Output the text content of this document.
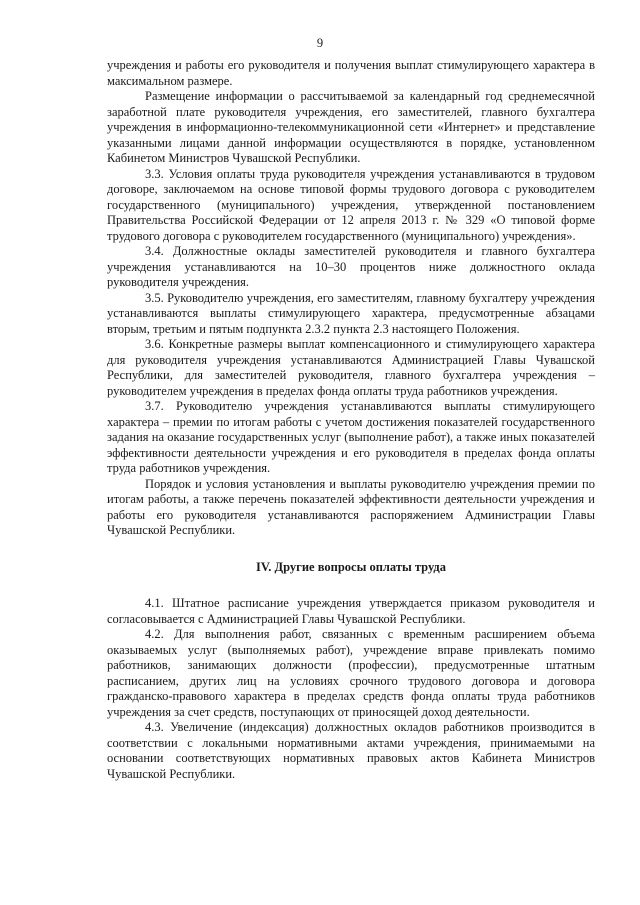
9

учреждения и работы его руководителя и получения выплат стимулирующего характера в максимальном размере.

Размещение информации о рассчитываемой за календарный год среднемесячной заработной плате руководителя учреждения, его заместителей, главного бухгалтера учреждения в информационно-телекоммуникационной сети «Интернет» и представление указанными лицами данной информации осуществляются в порядке, установленном Кабинетом Министров Чувашской Республики.

3.3. Условия оплаты труда руководителя учреждения устанавливаются в трудовом договоре, заключаемом на основе типовой формы трудового договора с руководителем государственного (муниципального) учреждения, утвержденной постановлением Правительства Российской Федерации от 12 апреля 2013 г. № 329 «О типовой форме трудового договора с руководителем государственного (муниципального) учреждения».

3.4. Должностные оклады заместителей руководителя и главного бухгалтера учреждения устанавливаются на 10–30 процентов ниже должностного оклада руководителя учреждения.

3.5. Руководителю учреждения, его заместителям, главному бухгалтеру учреждения устанавливаются выплаты стимулирующего характера, предусмотренные абзацами вторым, третьим и пятым подпункта 2.3.2 пункта 2.3 настоящего Положения.

3.6. Конкретные размеры выплат компенсационного и стимулирующего характера для руководителя учреждения устанавливаются Администрацией Главы Чувашской Республики, для заместителей руководителя, главного бухгалтера учреждения – руководителем учреждения в пределах фонда оплаты труда работников учреждения.

3.7. Руководителю учреждения устанавливаются выплаты стимулирующего характера – премии по итогам работы с учетом достижения показателей государственного задания на оказание государственных услуг (выполнение работ), а также иных показателей эффективности деятельности учреждения и его руководителя в пределах фонда оплаты труда работников учреждения.

Порядок и условия установления и выплаты руководителю учреждения премии по итогам работы, а также перечень показателей эффективности деятельности учреждения и работы его руководителя устанавливаются распоряжением Администрации Главы Чувашской Республики.

IV. Другие вопросы оплаты труда

4.1. Штатное расписание учреждения утверждается приказом руководителя и согласовывается с Администрацией Главы Чувашской Республики.

4.2. Для выполнения работ, связанных с временным расширением объема оказываемых услуг (выполняемых работ), учреждение вправе привлекать помимо работников, занимающих должности (профессии), предусмотренные штатным расписанием, других лиц на условиях срочного трудового договора и договора гражданско-правового характера в пределах средств фонда оплаты труда работников учреждения за счет средств, поступающих от приносящей доход деятельности.

4.3. Увеличение (индексация) должностных окладов работников производится в соответствии с локальными нормативными актами учреждения, принимаемыми на основании соответствующих нормативных правовых актов Кабинета Министров Чувашской Республики.
